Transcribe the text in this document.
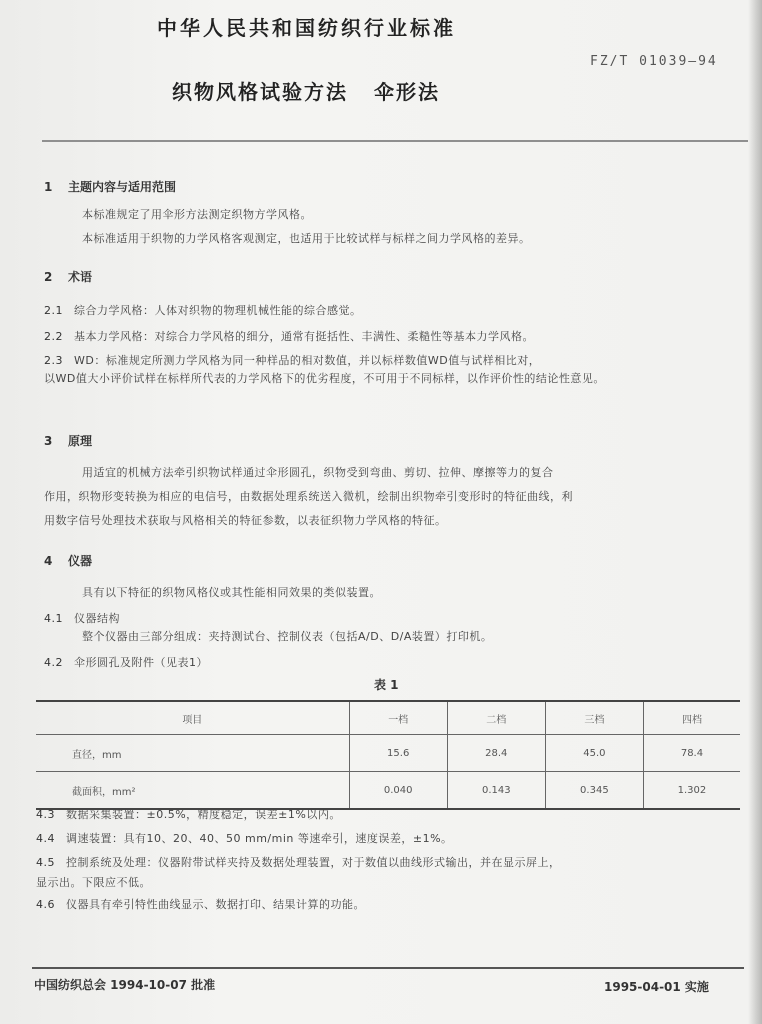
中华人民共和国纺织行业标准
FZ/T 01039—94
织物风格试验方法 伞形法
1 主题内容与适用范围
本标准规定了用伞形方法测定织物方学风格。
本标准适用于织物的力学风格客观测定，也适用于比较试样与标样之间力学风格的差异。
2 术语
2.1 综合力学风格：人体对织物的物理机械性能的综合感觉。
2.2 基本力学风格：对综合力学风格的细分，通常有挺括性、丰满性、柔糙性等基本力学风格。
2.3 WD：标准规定所测力学风格为同一种样品的相对数值，并以标样数值WD值与试样相比对，
以WD值大小评价试样在标样所代表的力学风格下的优劣程度，不可用于不同标样，以作评价性的结论性意见。
3 原理
用适宜的机械方法牵引织物试样通过伞形圆孔，织物受到弯曲、剪切、拉伸、摩擦等力的复合
作用，织物形变转换为相应的电信号，由数据处理系统送入微机，绘制出织物牵引变形时的特征曲线，利
用数字信号处理技术获取与风格相关的特征参数，以表征织物力学风格的特征。
4 仪器
具有以下特征的织物风格仪或其性能相同效果的类似装置。
4.1 仪器结构
整个仪器由三部分组成：夹持测试台、控制仪表（包括A/D、D/A装置）打印机。
4.2 伞形圆孔及附件（见表1）
表 1
项目	一档	二档	三档	四档
直径，mm	15.6	28.4	45.0	78.4
截面积，mm²	0.040	0.143	0.345	1.302
4.3 数据采集装置：±0.5%，精度稳定，误差±1%以内。
4.4 调速装置：具有10、20、40、50 mm/min 等速牵引，速度误差，±1%。
4.5 控制系统及处理：仪器附带试样夹持及数据处理装置，对于数值以曲线形式输出，并在显示屏上，
显示出。下限应不低。
4.6 仪器具有牵引特性曲线显示、数据打印、结果计算的功能。
中国纺织总会 1994-10-07 批准	1995-04-01 实施
